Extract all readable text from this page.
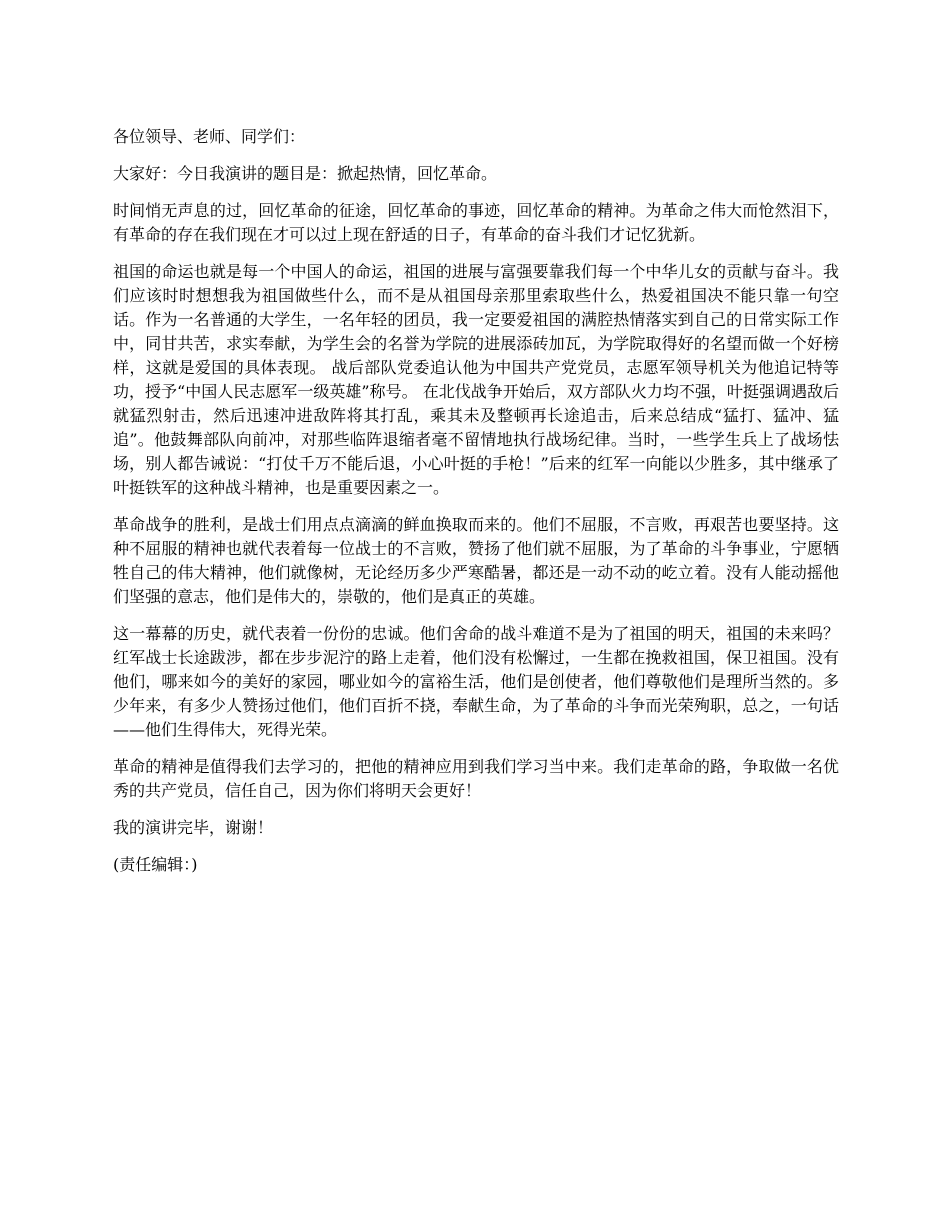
各位领导、老师、同学们：

大家好：今日我演讲的题目是：掀起热情，回忆革命。

时间悄无声息的过，回忆革命的征途，回忆革命的事迹，回忆革命的精神。为革命之伟大而怆然泪下，有革命的存在我们现在才可以过上现在舒适的日子，有革命的奋斗我们才记忆犹新。

祖国的命运也就是每一个中国人的命运，祖国的进展与富强要靠我们每一个中华儿女的贡献与奋斗。我们应该时时想想我为祖国做些什么，而不是从祖国母亲那里索取些什么，热爱祖国决不能只靠一句空话。作为一名普通的大学生，一名年轻的团员，我一定要爱祖国的满腔热情落实到自己的日常实际工作中，同甘共苦，求实奉献，为学生会的名誉为学院的进展添砖加瓦，为学院取得好的名望而做一个好榜样，这就是爱国的具体表现。 战后部队党委追认他为中国共产党党员，志愿军领导机关为他追记特等功，授予“中国人民志愿军一级英雄”称号。 在北伐战争开始后，双方部队火力均不强，叶挺强调遇敌后就猛烈射击，然后迅速冲进敌阵将其打乱，乘其未及整顿再长途追击，后来总结成“猛打、猛冲、猛追”。他鼓舞部队向前冲，对那些临阵退缩者毫不留情地执行战场纪律。当时，一些学生兵上了战场怯场，别人都告诫说：“打仗千万不能后退，小心叶挺的手枪！”后来的红军一向能以少胜多，其中继承了叶挺铁军的这种战斗精神，也是重要因素之一。

革命战争的胜利，是战士们用点点滴滴的鲜血换取而来的。他们不屈服，不言败，再艰苦也要坚持。这种不屈服的精神也就代表着每一位战士的不言败，赞扬了他们就不屈服，为了革命的斗争事业，宁愿牺牲自己的伟大精神，他们就像树，无论经历多少严寒酷暑，都还是一动不动的屹立着。没有人能动摇他们坚强的意志，他们是伟大的，崇敬的，他们是真正的英雄。

这一幕幕的历史，就代表着一份份的忠诚。他们舍命的战斗难道不是为了祖国的明天，祖国的未来吗？红军战士长途跋涉，都在步步泥泞的路上走着，他们没有松懈过，一生都在挽救祖国，保卫祖国。没有他们，哪来如今的美好的家园，哪业如今的富裕生活，他们是创使者，他们尊敬他们是理所当然的。多少年来，有多少人赞扬过他们，他们百折不挠，奉献生命，为了革命的斗争而光荣殉职，总之，一句话——他们生得伟大，死得光荣。

革命的精神是值得我们去学习的，把他的精神应用到我们学习当中来。我们走革命的路，争取做一名优秀的共产党员，信任自己，因为你们将明天会更好！

我的演讲完毕，谢谢！

(责任编辑：)
